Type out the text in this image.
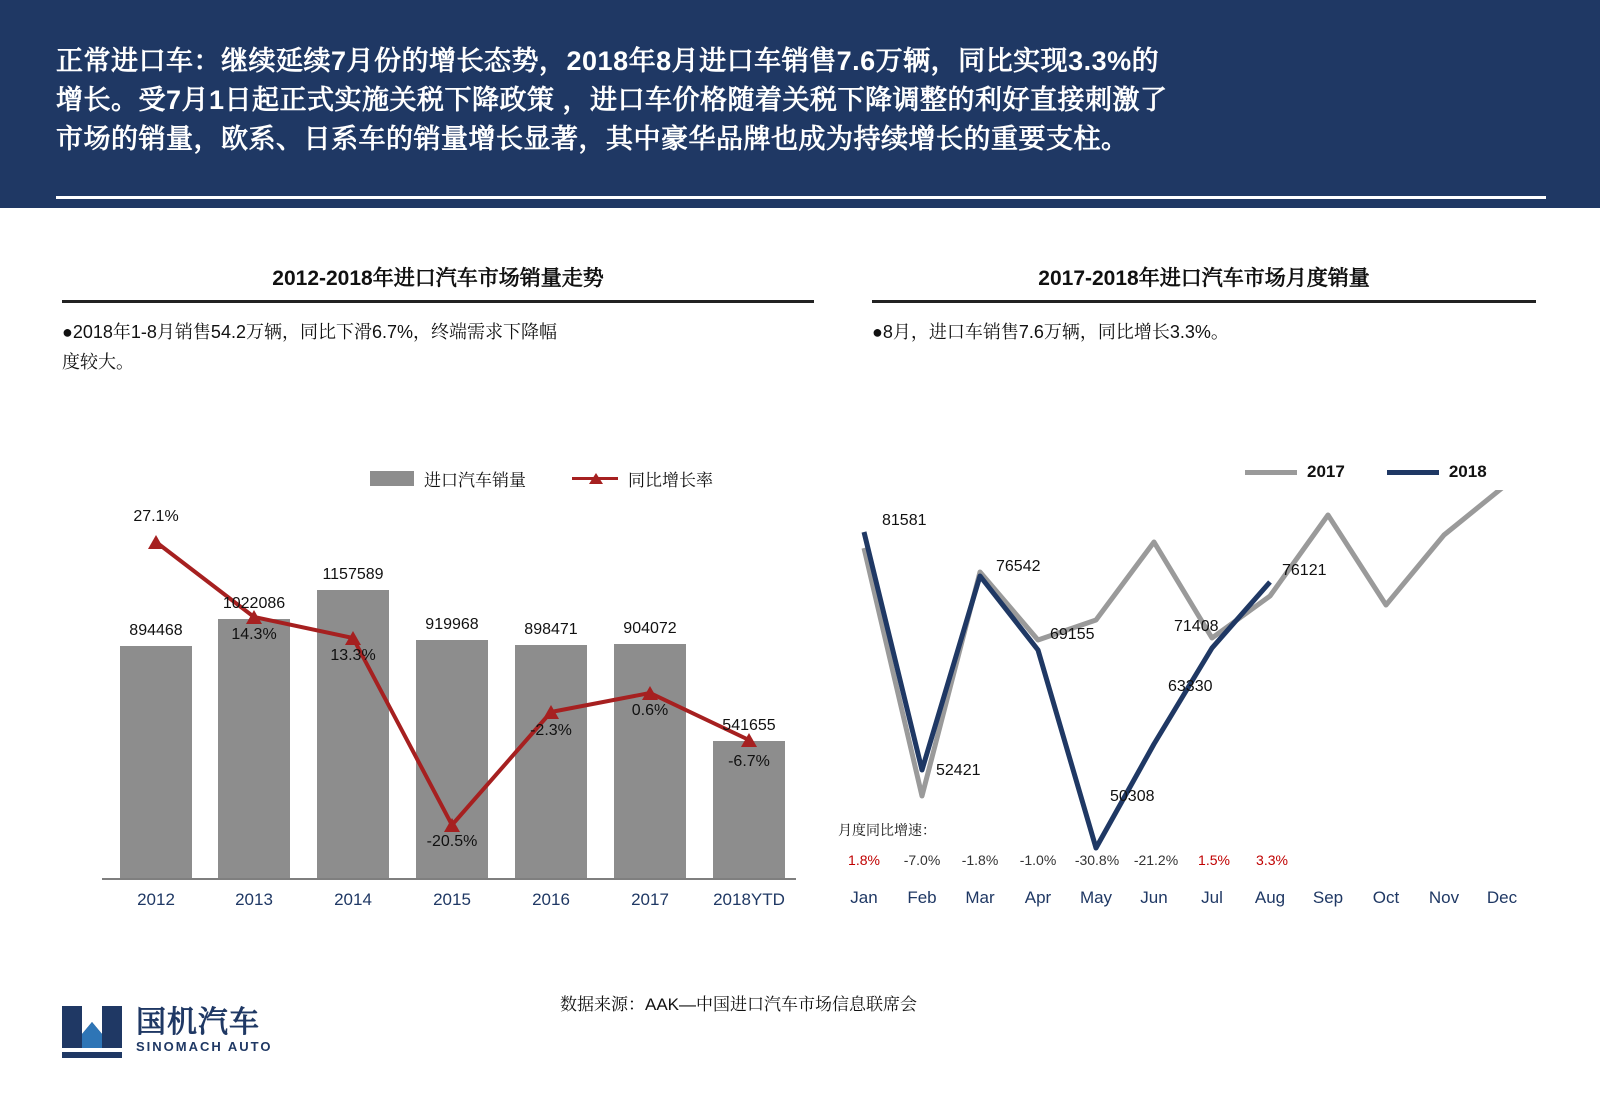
正常进口车：继续延续7月份的增长态势，2018年8月进口车销售7.6万辆，同比实现3.3%的
增长。受7月1日起正式实施关税下降政策 ，进口车价格随着关税下降调整的利好直接刺激了
市场的销量，欧系、日系车的销量增长显著，其中豪华品牌也成为持续增长的重要支柱。
2012-2018年进口汽车市场销量走势
●2018年1-8月销售54.2万辆，同比下滑6.7%，终端需求下降幅
度较大。
进口汽车销量	同比增长率
894468
1022086
1157589
919968	898471	904072
541655
27.1%
14.3%
13.3%
-20.5%
-2.3%
0.6%
-6.7%
2012	2013	2014	2015	2016	2017	2018YTD
2017-2018年进口汽车市场月度销量
●8月，进口车销售7.6万辆，同比增长3.3%。
2017	2018
81581
52421
76542
69155
50308
63330
71408
76121
月度同比增速：
1.8%	-7.0%	-1.8%	-1.0%	-30.8%	-21.2%	1.5%	3.3%
Jan	Feb	Mar	Apr	May	Jun	Jul	Aug	Sep	Oct	Nov	Dec
数据来源：AAK—中国进口汽车市场信息联席会
国机汽车
SINOMACH AUTO
